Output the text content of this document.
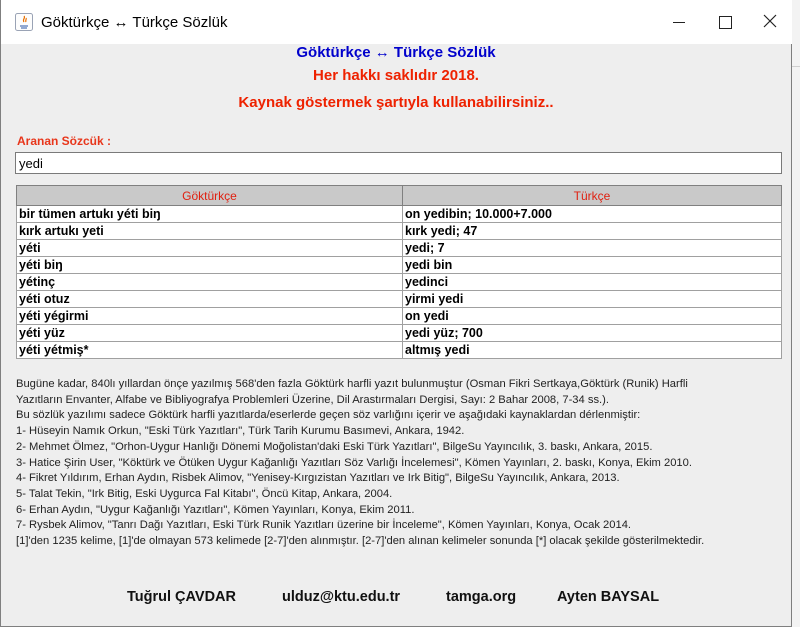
Göktürkçe ↔ Türkçe Sözlük
Göktürkçe ↔ Türkçe Sözlük
Her hakkı saklıdır 2018.
Kaynak göstermek şartıyla kullanabilirsiniz..
Aranan Sözcük :
yedi
Göktürkçe	Türkçe
bir tümen artukı yéti biŋ	on yedibin; 10.000+7.000
kırk artukı yeti	kırk yedi; 47
yéti	yedi; 7
yéti biŋ	yedi bin
yétinç	yedinci
yéti otuz	yirmi yedi
yéti yégirmi	on yedi
yéti yüz	yedi yüz; 700
yéti yétmiş*	altmış yedi
Bugüne kadar, 840lı yıllardan önçe yazılmış 568'den fazla Göktürk harfli yazıt bulunmuştur (Osman Fikri Sertkaya,Göktürk (Runik) Harfli
Yazıtların Envanter, Alfabe ve Bibliyografya Problemleri Üzerine, Dil Arastırmaları Dergisi, Sayı: 2 Bahar 2008, 7-34 ss.).
Bu sözlük yazılımı sadece Göktürk harfli yazıtlarda/eserlerde geçen söz varlığını içerir ve aşağıdaki kaynaklardan dérlenmiştir:
1- Hüseyin Namık Orkun, "Eski Türk Yazıtları", Türk Tarih Kurumu Basımevi, Ankara, 1942.
2- Mehmet Ölmez, "Orhon-Uygur Hanlığı Dönemi Moğolistan'daki Eski Türk Yazıtları", BilgeSu Yayıncılık, 3. baskı, Ankara, 2015.
3- Hatice Şirin User, "Köktürk ve Ötüken Uygur Kağanlığı Yazıtları Söz Varlığı İncelemesi", Kömen Yayınları, 2. baskı, Konya, Ekim 2010.
4- Fikret Yıldırım, Erhan Aydın, Risbek Alimov, "Yenisey-Kırgızistan Yazıtları ve Irk Bitig", BilgeSu Yayıncılık, Ankara, 2013.
5- Talat Tekin, "Irk Bitig, Eski Uygurca Fal Kitabı", Öncü Kitap, Ankara, 2004.
6- Erhan Aydın, "Uygur Kağanlığı Yazıtları", Kömen Yayınları, Konya, Ekim 2011.
7- Rysbek Alimov, "Tanrı Dağı Yazıtları, Eski Türk Runik Yazıtları üzerine bir İnceleme", Kömen Yayınları, Konya, Ocak 2014.
[1]'den 1235 kelime, [1]'de olmayan 573 kelimede [2-7]'den alınmıştır. [2-7]'den alınan kelimeler sonunda [*] olacak şekilde gösterilmektedir.
Tuğrul ÇAVDAR	ulduz@ktu.edu.tr	tamga.org	Ayten BAYSAL
